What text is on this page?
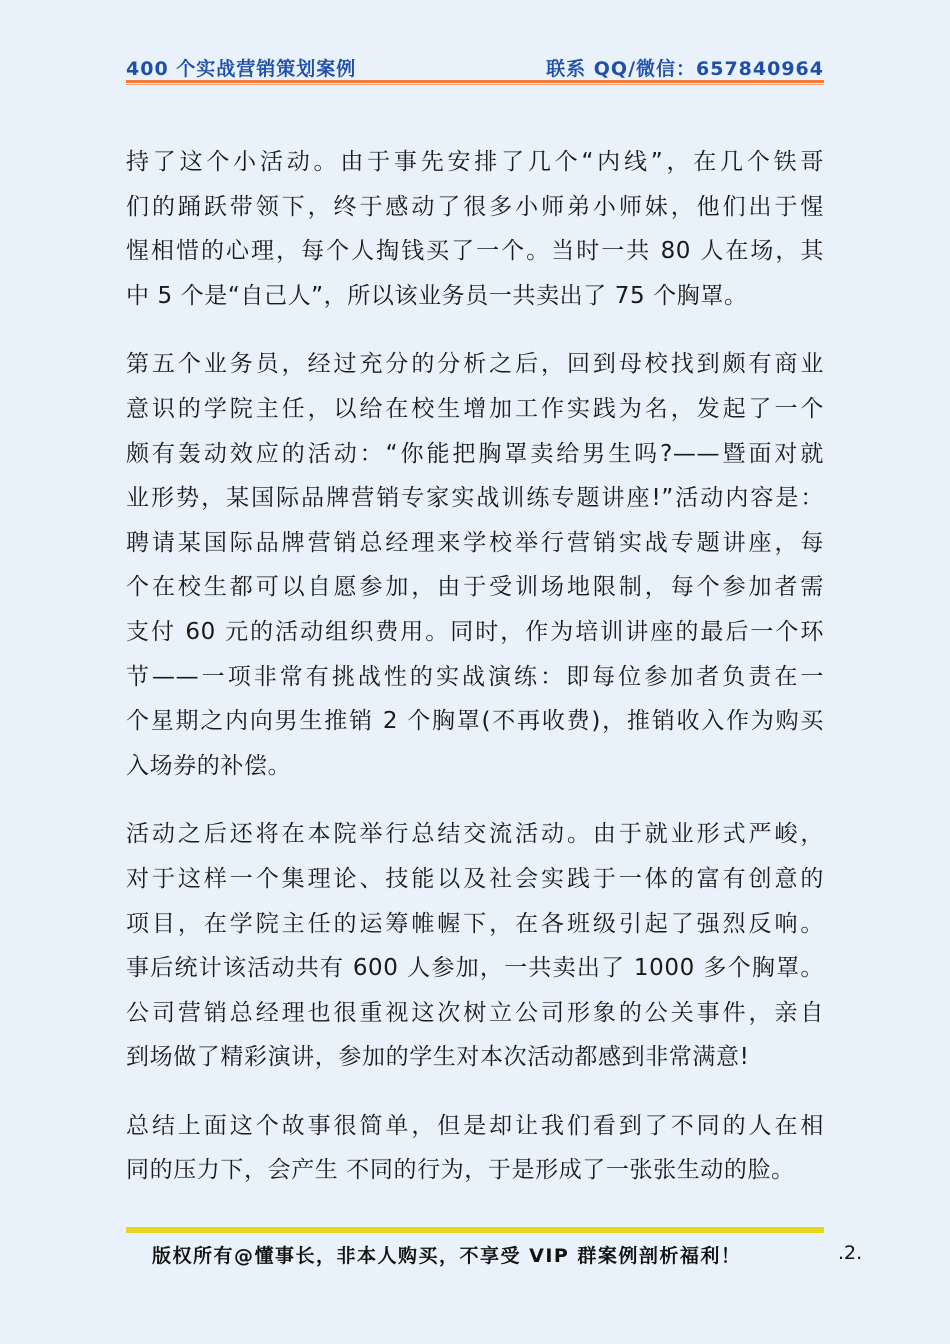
400 个实战营销策划案例	联系 QQ/微信：657840964
持了这个小活动。由于事先安排了几个“内线”，在几个铁哥
们的踊跃带领下，终于感动了很多小师弟小师妹，他们出于惺
惺相惜的心理，每个人掏钱买了一个。当时一共 80 人在场，其
中 5 个是“自己人”，所以该业务员一共卖出了 75 个胸罩。
第五个业务员，经过充分的分析之后，回到母校找到颇有商业
意识的学院主任，以给在校生增加工作实践为名，发起了一个
颇有轰动效应的活动：“你能把胸罩卖给男生吗?——暨面对就
业形势，某国际品牌营销专家实战训练专题讲座!”活动内容是：
聘请某国际品牌营销总经理来学校举行营销实战专题讲座，每
个在校生都可以自愿参加，由于受训场地限制，每个参加者需
支付 60 元的活动组织费用。同时，作为培训讲座的最后一个环
节——一项非常有挑战性的实战演练：即每位参加者负责在一
个星期之内向男生推销 2 个胸罩(不再收费)，推销收入作为购买
入场券的补偿。
活动之后还将在本院举行总结交流活动。由于就业形式严峻，
对于这样一个集理论、技能以及社会实践于一体的富有创意的
项目，在学院主任的运筹帷幄下，在各班级引起了强烈反响。
事后统计该活动共有 600 人参加，一共卖出了 1000 多个胸罩。
公司营销总经理也很重视这次树立公司形象的公关事件，亲自
到场做了精彩演讲，参加的学生对本次活动都感到非常满意!
总结上面这个故事很简单，但是却让我们看到了不同的人在相
同的压力下，会产生 不同的行为，于是形成了一张张生动的脸。
版权所有@懂事长，非本人购买，不享受 VIP 群案例剖析福利！	.2.
